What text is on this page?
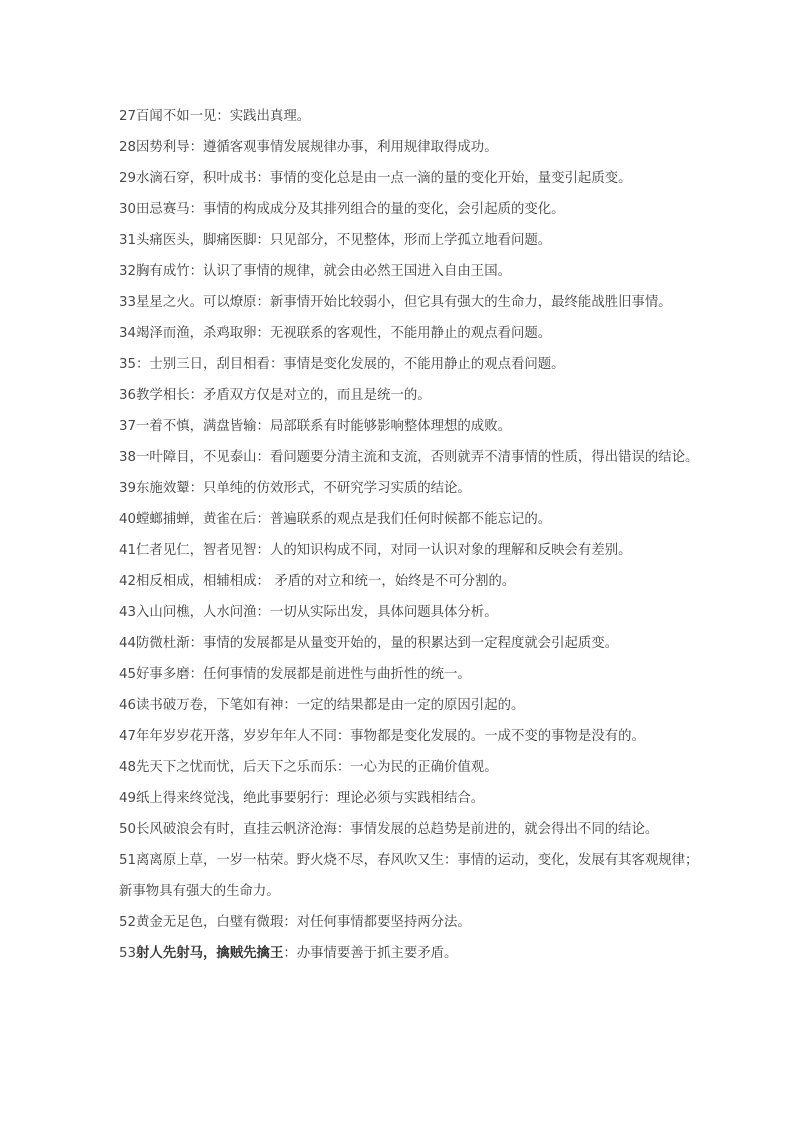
27百闻不如一见：实践出真理。

28因势利导：遵循客观事情发展规律办事，利用规律取得成功。

29水滴石穿，积叶成书：事情的变化总是由一点一滴的量的变化开始，量变引起质变。

30田忌赛马：事情的构成成分及其排列组合的量的变化，会引起质的变化。

31头痛医头，脚痛医脚：只见部分，不见整体，形而上学孤立地看问题。

32胸有成竹：认识了事情的规律，就会由必然王国进入自由王国。

33星星之火。可以燎原：新事情开始比较弱小，但它具有强大的生命力，最终能战胜旧事情。

34竭泽而渔，杀鸡取卵：无视联系的客观性，不能用静止的观点看问题。

35：士别三日，刮目相看：事情是变化发展的，不能用静止的观点看问题。

36教学相长：矛盾双方仅是对立的，而且是统一的。

37一着不慎，满盘皆输：局部联系有时能够影响整体理想的成败。

38一叶障目，不见泰山：看问题要分清主流和支流，否则就弄不清事情的性质，得出错误的结论。

39东施效颦：只单纯的仿效形式，不研究学习实质的结论。

40螳螂捕蝉，黄雀在后：普遍联系的观点是我们任何时候都不能忘记的。

41仁者见仁，智者见智：人的知识构成不同，对同一认识对象的理解和反映会有差别。

42相反相成，相辅相成： 矛盾的对立和统一，始终是不可分割的。

43入山问樵，人水问渔：一切从实际出发，具体问题具体分析。

44防微杜渐：事情的发展都是从量变开始的，量的积累达到一定程度就会引起质变。

45好事多磨：任何事情的发展都是前进性与曲折性的统一。

46读书破万卷，下笔如有神：一定的结果都是由一定的原因引起的。

47年年岁岁花开落，岁岁年年人不同：事物都是变化发展的。一成不变的事物是没有的。

48先天下之忧而忧，后天下之乐而乐：一心为民的正确价值观。

49纸上得来终觉浅，绝此事要躬行：理论必须与实践相结合。

50长风破浪会有时，直挂云帆济沧海：事情发展的总趋势是前进的，就会得出不同的结论。

51离离原上草，一岁一枯荣。野火烧不尽，春风吹又生：事情的运动，变化，发展有其客观规律；新事物具有强大的生命力。

52黄金无足色，白璧有微瑕：对任何事情都要坚持两分法。

53射人先射马，擒贼先擒王：办事情要善于抓主要矛盾。
